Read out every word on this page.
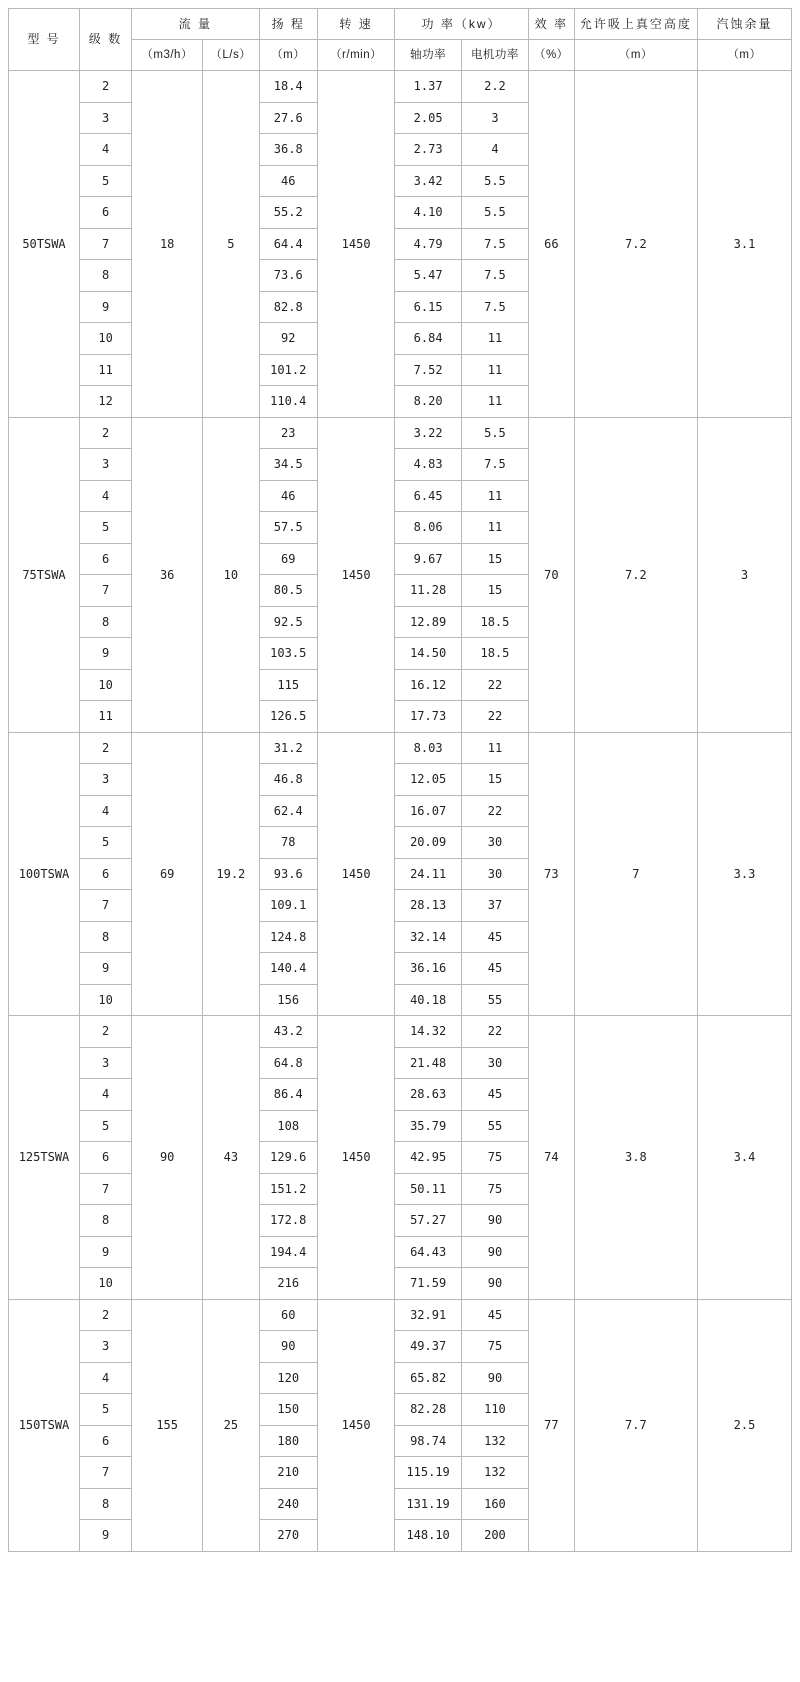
型 号	级 数	流 量		扬 程	转 速	功 率（kw）		效 率	允许吸上真空高度	汽蚀余量
		（m3/h）	（L/s）	（m）	（r/min）	轴功率	电机功率	（%）	（m）	（m）
50TSWA	2	18	5	18.4	1450	1.37	2.2	66	7.2	3.1
	3			27.6		2.05	3			
	4			36.8		2.73	4			
	5			46		3.42	5.5			
	6			55.2		4.10	5.5			
	7			64.4		4.79	7.5			
	8			73.6		5.47	7.5			
	9			82.8		6.15	7.5			
	10			92		6.84	11			
	11			101.2		7.52	11			
	12			110.4		8.20	11			
75TSWA	2	36	10	23	1450	3.22	5.5	70	7.2	3
	3			34.5		4.83	7.5			
	4			46		6.45	11			
	5			57.5		8.06	11			
	6			69		9.67	15			
	7			80.5		11.28	15			
	8			92.5		12.89	18.5			
	9			103.5		14.50	18.5			
	10			115		16.12	22			
	11			126.5		17.73	22			
100TSWA	2	69	19.2	31.2	1450	8.03	11	73	7	3.3
	3			46.8		12.05	15			
	4			62.4		16.07	22			
	5			78		20.09	30			
	6			93.6		24.11	30			
	7			109.1		28.13	37			
	8			124.8		32.14	45			
	9			140.4		36.16	45			
	10			156		40.18	55			
125TSWA	2	90	43	43.2	1450	14.32	22	74	3.8	3.4
	3			64.8		21.48	30			
	4			86.4		28.63	45			
	5			108		35.79	55			
	6			129.6		42.95	75			
	7			151.2		50.11	75			
	8			172.8		57.27	90			
	9			194.4		64.43	90			
	10			216		71.59	90			
150TSWA	2	155	25	60	1450	32.91	45	77	7.7	2.5
	3			90		49.37	75			
	4			120		65.82	90			
	5			150		82.28	110			
	6			180		98.74	132			
	7			210		115.19	132			
	8			240		131.19	160			
	9			270		148.10	200			
